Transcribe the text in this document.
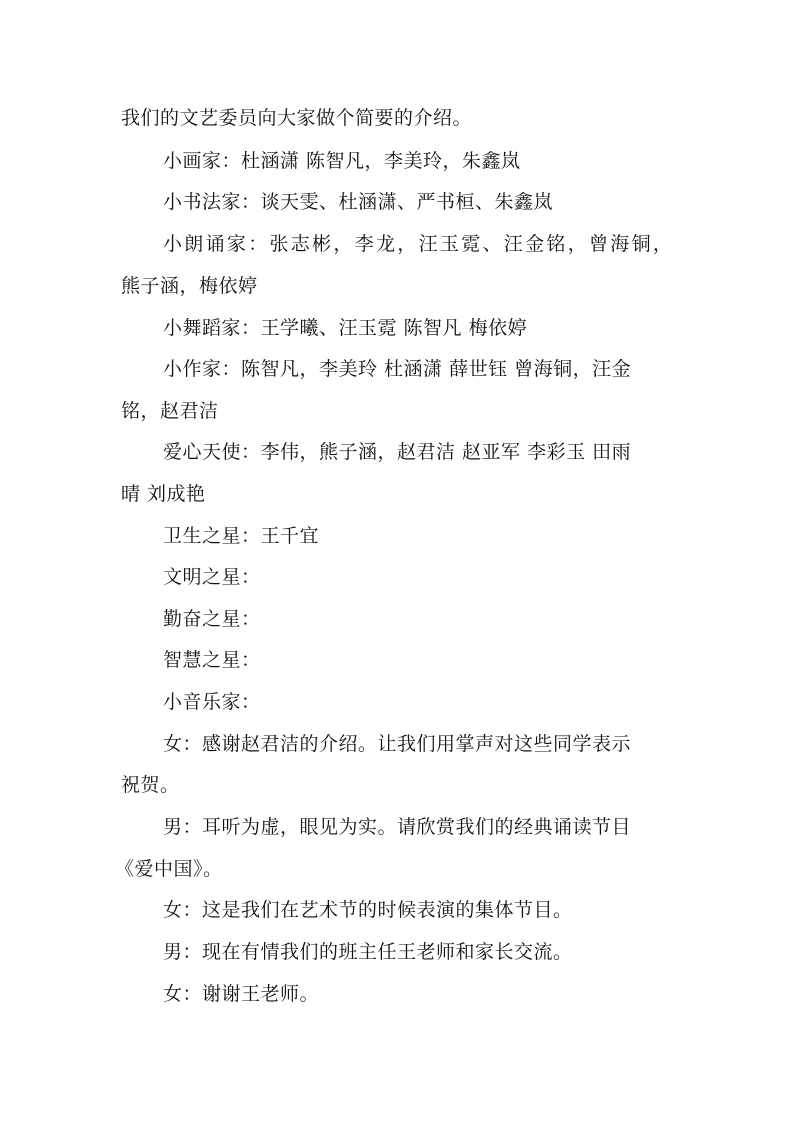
我们的文艺委员向大家做个简要的介绍。
小画家：杜涵潇 陈智凡，李美玲，朱鑫岚
小书法家：谈天雯、杜涵潇、严书桓、朱鑫岚
小朗诵家：张志彬，李龙，汪玉霓、汪金铭，曾海铜，
熊子涵，梅依婷
小舞蹈家：王学曦、汪玉霓 陈智凡 梅依婷
小作家：陈智凡，李美玲 杜涵潇 薛世钰 曾海铜，汪金
铭，赵君洁
爱心天使：李伟，熊子涵，赵君洁 赵亚军 李彩玉 田雨
晴 刘成艳
卫生之星：王千宜
文明之星：
勤奋之星：
智慧之星：
小音乐家：
女：感谢赵君洁的介绍。让我们用掌声对这些同学表示
祝贺。
男：耳听为虚，眼见为实。请欣赏我们的经典诵读节目
《爱中国》。
女：这是我们在艺术节的时候表演的集体节目。
男：现在有情我们的班主任王老师和家长交流。
女：谢谢王老师。
